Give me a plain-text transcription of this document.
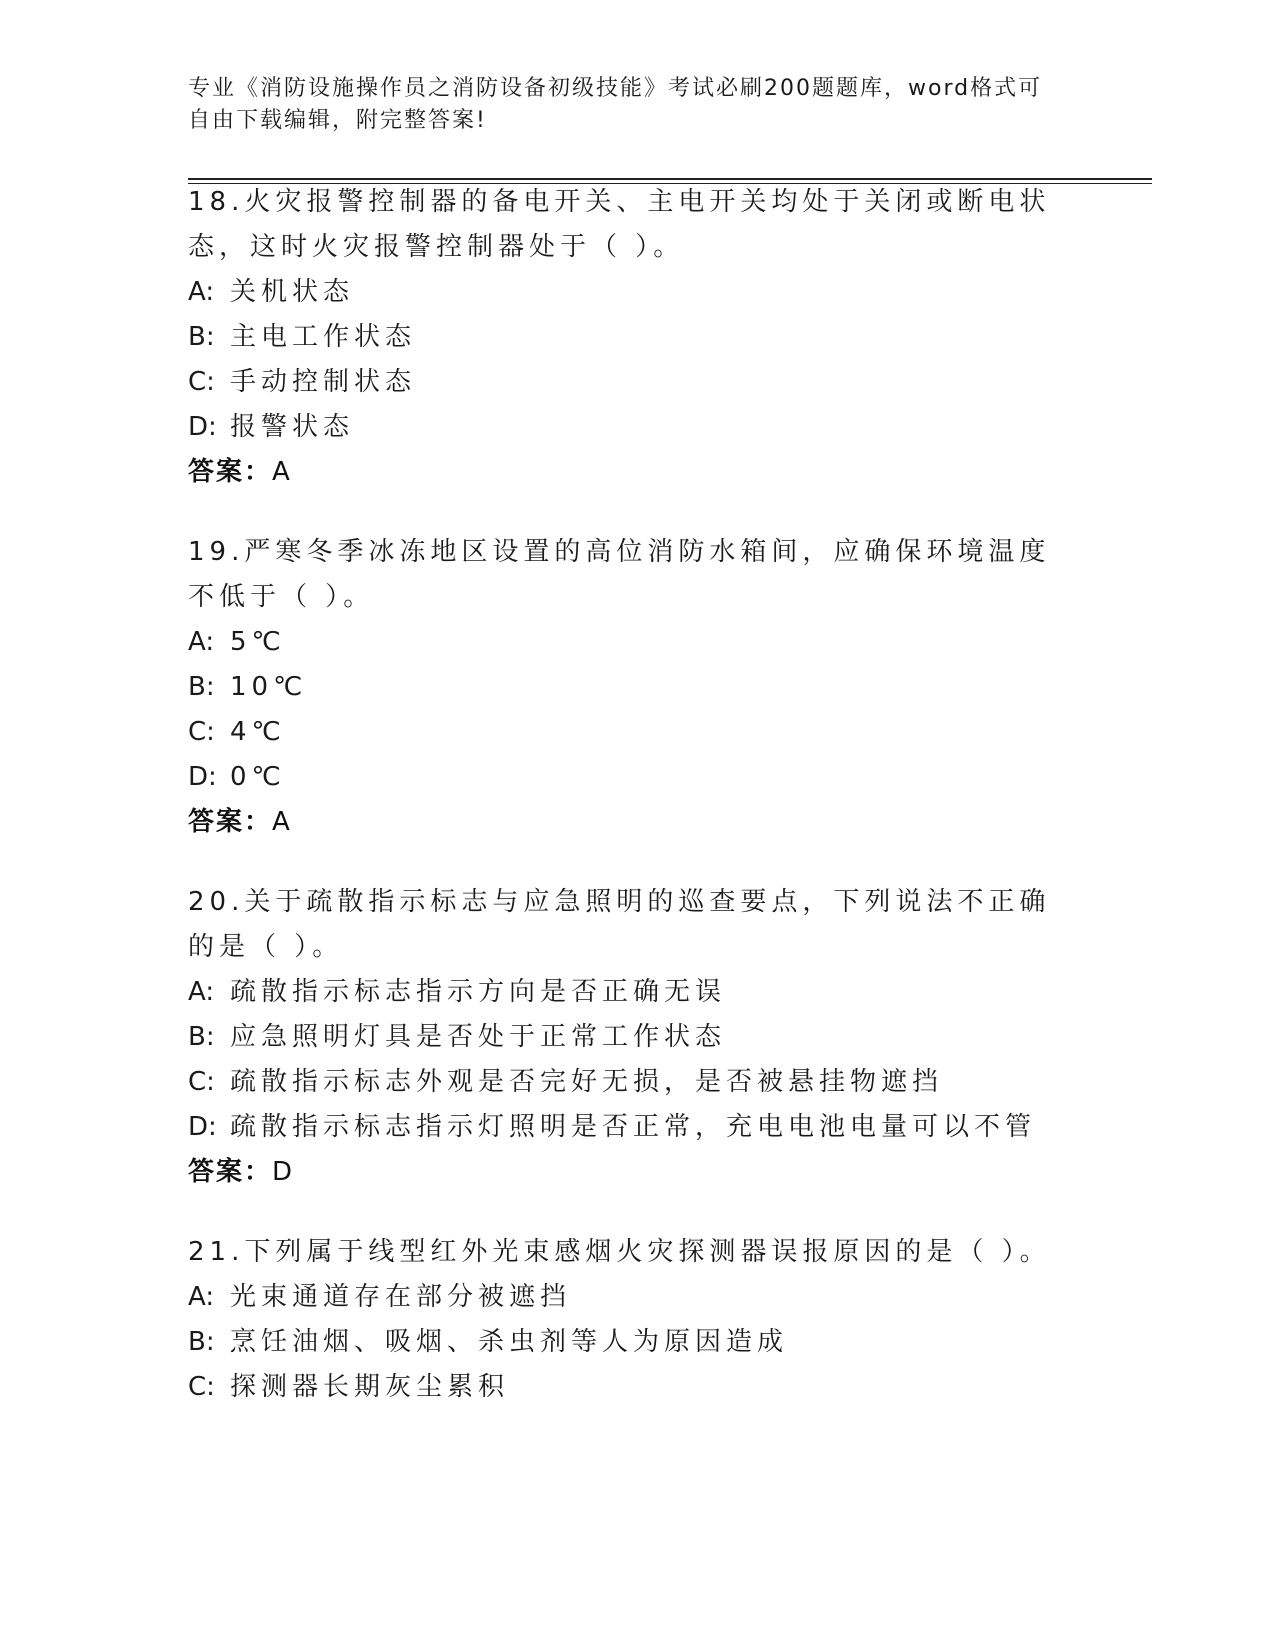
专业《消防设施操作员之消防设备初级技能》考试必刷200题题库，word格式可
自由下载编辑，附完整答案!

18.火灾报警控制器的备电开关、主电开关均处于关闭或断电状态，这时火灾报警控制器处于（ ）。

A: 关机状态

B: 主电工作状态

C: 手动控制状态

D: 报警状态

答案：A

19.严寒冬季冰冻地区设置的高位消防水箱间，应确保环境温度不低于（ ）。

A: 5℃

B: 10℃

C: 4℃

D: 0℃

答案：A

20.关于疏散指示标志与应急照明的巡查要点，下列说法不正确的是（ ）。

A: 疏散指示标志指示方向是否正确无误

B: 应急照明灯具是否处于正常工作状态

C: 疏散指示标志外观是否完好无损，是否被悬挂物遮挡

D: 疏散指示标志指示灯照明是否正常，充电电池电量可以不管

答案：D

21.下列属于线型红外光束感烟火灾探测器误报原因的是（ ）。

A: 光束通道存在部分被遮挡

B: 烹饪油烟、吸烟、杀虫剂等人为原因造成

C: 探测器长期灰尘累积
